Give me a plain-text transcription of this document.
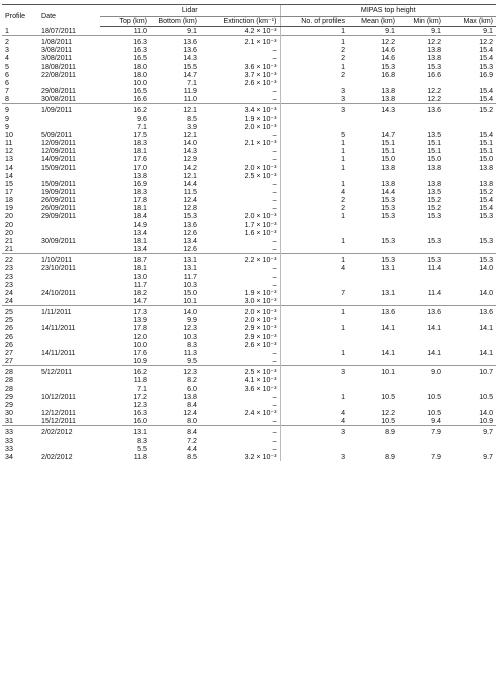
Profile	Date	Lidar			MIPAS top height			
		Top (km)	Bottom (km)	Extinction (km⁻¹)	No. of profiles	Mean (km)	Min (km)	Max (km)
1	18/07/2011	11.0	9.1	4.2 × 10⁻³	1	9.1	9.1	9.1
2	1/08/2011	16.3	13.6	2.1 × 10⁻³	1	12.2	12.2	12.2
3	3/08/2011	16.3	13.6	–	2	14.6	13.8	15.4
4	3/08/2011	16.5	14.3	–	2	14.6	13.8	15.4
5	18/08/2011	18.0	15.5	3.6 × 10⁻³	1	15.3	15.3	15.3
6	22/08/2011	18.0	14.7	3.7 × 10⁻³	2	16.8	16.6	16.9
6		10.0	7.1	2.6 × 10⁻³				
7	29/08/2011	16.5	11.9	–	3	13.8	12.2	15.4
8	30/08/2011	16.6	11.0	–	3	13.8	12.2	15.4
9	1/09/2011	16.2	12.1	3.4 × 10⁻³	3	14.3	13.6	15.2
9		9.6	8.5	1.9 × 10⁻³				
9		7.1	3.9	2.0 × 10⁻³				
10	5/09/2011	17.5	12.1	–	5	14.7	13.5	15.4
11	12/09/2011	18.3	14.0	2.1 × 10⁻³	1	15.1	15.1	15.1
12	12/09/2011	18.1	14.3	–	1	15.1	15.1	15.1
13	14/09/2011	17.6	12.9	–	1	15.0	15.0	15.0
14	15/09/2011	17.0	14.2	2.0 × 10⁻³	1	13.8	13.8	13.8
14		13.8	12.1	2.5 × 10⁻³				
15	15/09/2011	16.9	14.4	–	1	13.8	13.8	13.8
17	19/09/2011	18.3	11.5	–	4	14.4	13.5	15.2
18	26/09/2011	17.8	12.4	–	2	15.3	15.2	15.4
19	26/09/2011	18.1	12.8	–	2	15.3	15.2	15.4
20	29/09/2011	18.4	15.3	2.0 × 10⁻³	1	15.3	15.3	15.3
20		14.9	13.6	1.7 × 10⁻³				
20		13.4	12.6	1.6 × 10⁻³				
21	30/09/2011	18.1	13.4	–	1	15.3	15.3	15.3
21		13.4	12.6	–				
22	1/10/2011	18.7	13.1	2.2 × 10⁻³	1	15.3	15.3	15.3
23	23/10/2011	18.1	13.1	–	4	13.1	11.4	14.0
23		13.0	11.7	–				
23		11.7	10.3	–				
24	24/10/2011	18.2	15.0	1.9 × 10⁻³	7	13.1	11.4	14.0
24		14.7	10.1	3.0 × 10⁻³				
25	1/11/2011	17.3	14.0	2.0 × 10⁻³	1	13.6	13.6	13.6
25		13.9	9.9	2.0 × 10⁻³				
26	14/11/2011	17.8	12.3	2.9 × 10⁻³	1	14.1	14.1	14.1
26		12.0	10.3	2.9 × 10⁻³				
26		10.0	8.3	2.6 × 10⁻³				
27	14/11/2011	17.6	11.3	–	1	14.1	14.1	14.1
27		10.9	9.5	–				
28	5/12/2011	16.2	12.3	2.5 × 10⁻³	3	10.1	9.0	10.7
28		11.8	8.2	4.1 × 10⁻³				
28		7.1	6.0	3.6 × 10⁻³				
29	10/12/2011	17.2	13.8	–	1	10.5	10.5	10.5
29		12.3	8.4	–				
30	12/12/2011	16.3	12.4	2.4 × 10⁻³	4	12.2	10.5	14.0
31	15/12/2011	16.0	8.0	–	4	10.5	9.4	10.9
33	2/02/2012	13.1	8.4	–	3	8.9	7.9	9.7
33		8.3	7.2	–				
33		5.5	4.4	–				
34	2/02/2012	11.8	8.5	3.2 × 10⁻³	3	8.9	7.9	9.7
